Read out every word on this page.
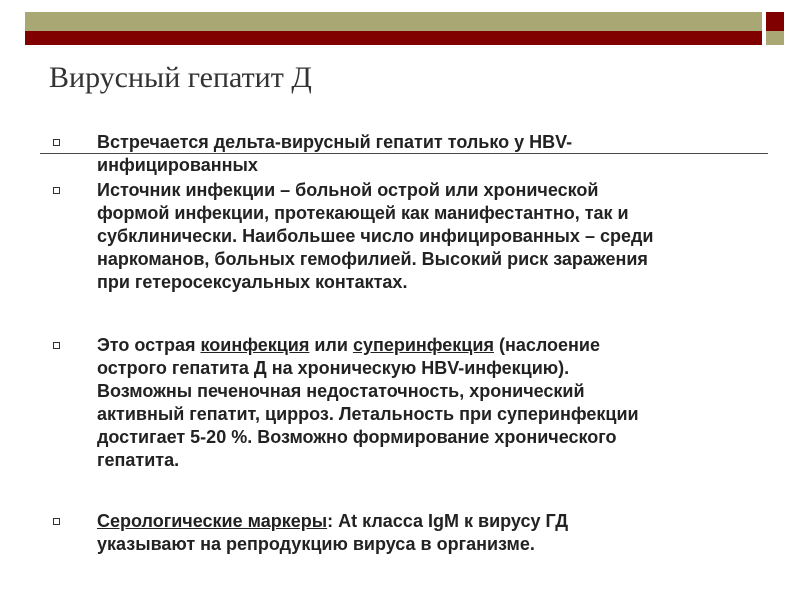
Вирусный гепатит Д
Встречается дельта-вирусный гепатит только у HBV-
инфицированных
Источник инфекции – больной острой или хронической
формой инфекции, протекающей как манифестантно, так и
субклинически. Наибольшее число инфицированных – среди
наркоманов, больных гемофилией. Высокий риск заражения
при гетеросексуальных контактах.
Это острая коинфекция или суперинфекция (наслоение
острого гепатита Д на хроническую HBV-инфекцию).
Возможны печеночная недостаточность, хронический
активный гепатит, цирроз. Летальность при суперинфекции
достигает 5-20 %. Возможно формирование хронического
гепатита.
Серологические маркеры: At класса IgM к вирусу ГД
указывают на репродукцию вируса в организме.
